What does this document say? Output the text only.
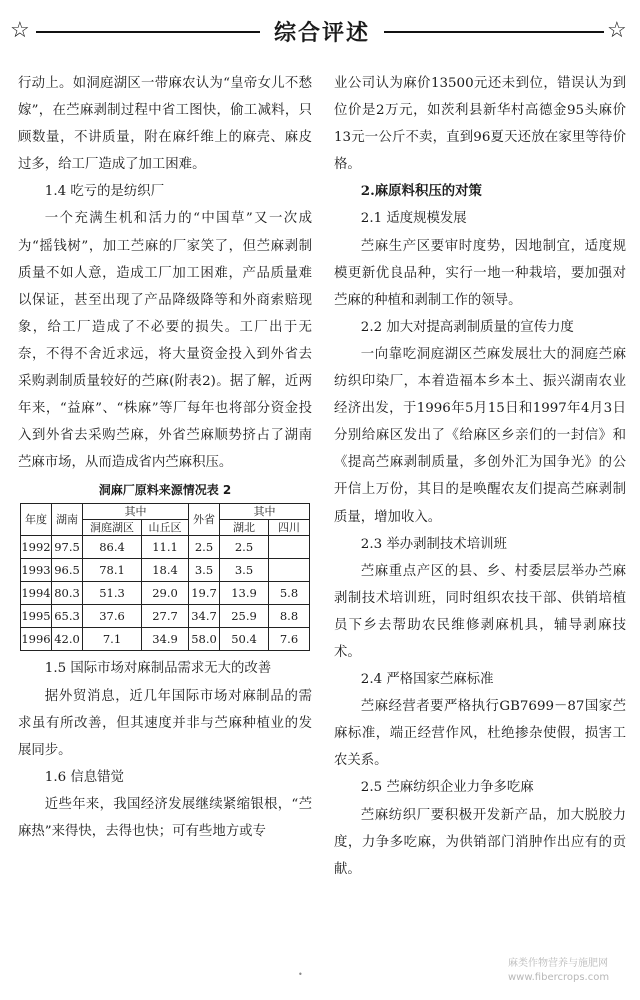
☆	综合评述	☆

行动上。如洞庭湖区一带麻农认为“皇帝女儿不愁嫁”，在苎麻剥制过程中省工图快，偷工减料，只顾数量，不讲质量，附在麻纤维上的麻壳、麻皮过多，给工厂造成了加工困难。

1.4 吃亏的是纺织厂

一个充满生机和活力的“中国草”又一次成为“摇钱树”，加工苎麻的厂家笑了，但苎麻剥制质量不如人意，造成工厂加工困难，产品质量难以保证，甚至出现了产品降级降等和外商索赔现象，给工厂造成了不必要的损失。工厂出于无奈，不得不舍近求远，将大量资金投入到外省去采购剥制质量较好的苎麻(附表2)。据了解，近两年来，“益麻”、“株麻”等厂每年也将部分资金投入到外省去采购苎麻，外省苎麻顺势挤占了湖南苎麻市场，从而造成省内苎麻积压。

洞麻厂原料来源情况表 2
年度	湖南	其中		外省	其中	
		洞庭湖区	山丘区		湖北	四川
1992	97.5	86.4	11.1	2.5	2.5	
1993	96.5	78.1	18.4	3.5	3.5	
1994	80.3	51.3	29.0	19.7	13.9	5.8
1995	65.3	37.6	27.7	34.7	25.9	8.8
1996	42.0	7.1	34.9	58.0	50.4	7.6

1.5 国际市场对麻制品需求无大的改善

据外贸消息，近几年国际市场对麻制品的需求虽有所改善，但其速度并非与苎麻种植业的发展同步。

1.6 信息错觉

近些年来，我国经济发展继续紧缩银根，“苎麻热”来得快，去得也快；可有些地方或专

业公司认为麻价13500元还未到位，错误认为到位价是2万元，如茨利县新华村高德金95头麻价13元一公斤不卖，直到96夏天还放在家里等待价格。

2.麻原料积压的对策

2.1 适度规模发展

苎麻生产区要审时度势，因地制宜，适度规模更新优良品种，实行一地一种栽培，要加强对苎麻的种植和剥制工作的领导。

2.2 加大对提高剥制质量的宣传力度

一向靠吃洞庭湖区苎麻发展壮大的洞庭苎麻纺织印染厂，本着造福本乡本土、振兴湖南农业经济出发，于1996年5月15日和1997年4月3日分别给麻区发出了《给麻区乡亲们的一封信》和《提高苎麻剥制质量，多创外汇为国争光》的公开信上万份，其目的是唤醒农友们提高苎麻剥制质量，增加收入。

2.3 举办剥制技术培训班

苎麻重点产区的县、乡、村委层层举办苎麻剥制技术培训班，同时组织农技干部、供销培植员下乡去帮助农民维修剥麻机具，辅导剥麻技术。

2.4 严格国家苎麻标准

苎麻经营者要严格执行GB7699－87国家苎麻标准，端正经营作风，杜绝掺杂使假，损害工农关系。

2.5 苎麻纺织企业力争多吃麻

苎麻纺织厂要积极开发新产品，加大脱胶力度，力争多吃麻，为供销部门消肿作出应有的贡献。

•
麻类作物营养与施肥网
www.fibercrops.com
